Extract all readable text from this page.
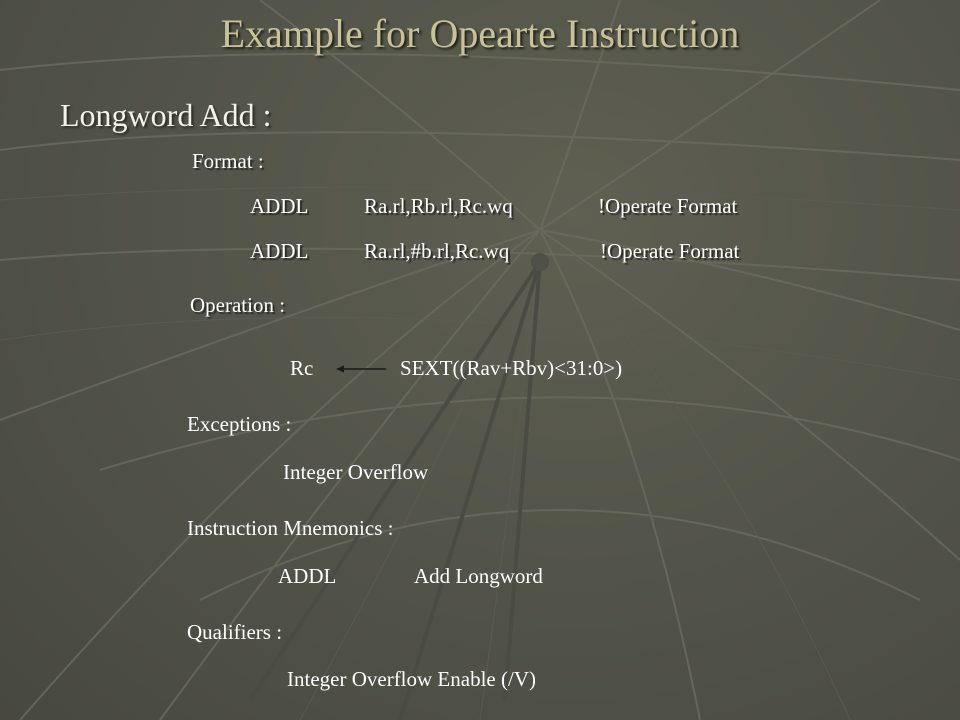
Example for Opearte Instruction
Longword Add :
Format :
ADDL	Ra.rl,Rb.rl,Rc.wq	!Operate Format
ADDL	Ra.rl,#b.rl,Rc.wq	!Operate Format
Operation :
Rc	SEXT((Rav+Rbv)<31:0>)
Exceptions :
Integer Overflow
Instruction Mnemonics :
ADDL	Add Longword
Qualifiers :
Integer Overflow Enable (/V)
